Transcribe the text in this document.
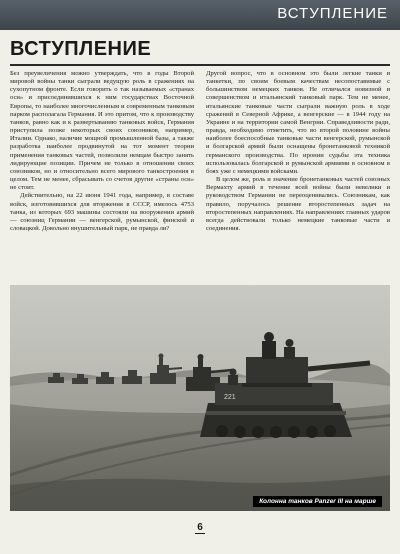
ВСТУПЛЕНИЕ
ВСТУПЛЕНИЕ

Без преувеличения можно утверждать, что в годы Второй мировой войны танки сыграли ведущую роль в сражениях на сухопутном фронте. Если говорить о так называемых «странах оси» и присоединившихся к ним государствах Восточной Европы, то наиболее многочисленным и современным танковым парком располагала Германия. И это притом, что к производству танков, равно как и к развертыванию танковых войск, Германия приступила позже некоторых своих союзников, например, Италии. Однако, наличие мощной промышленной базы, а также разработка наиболее продвинутой на тот момент теории применения танковых частей, позволили немцам быстро занять лидирующие позиции. Причем не только в отношении своих союзников, но и относительно всего мирового танкостроения в целом. Тем не менее, сбрасывать со счетов другие «страны оси» не стоит.

Действительно, на 22 июня 1941 года, например, в составе войск, изготовившихся для вторжения в СССР, имелось 4753 танка, из которых 693 машины состояли на вооружении армий — союзниц Германии — венгерской, румынской, финской и словацкой. Довольно внушительный парк, не правда ли?

Другой вопрос, что в основном это были легкие танки и танкетки, по своим боевым качествам несопоставимые с большинством немецких танков. Не отличался новизной и совершенством и итальянский танковый парк. Тем не менее, итальянские танковые части сыграли важную роль в ходе сражений в Северной Африке, а венгерские — в 1944 году на Украине и на территории самой Венгрии. Справедливости ради, правда, необходимо отметить, что во второй половине войны наиболее боеспособные танковые части венгерской, румынской и болгарской армий были оснащены бронетанковой техникой германского производства. По иронии судьбы эта техника использовалась болгарской и румынской армиями в основном в боях уже с немецкими войсками.

В целом же, роль и значение бронетанковых частей союзных Вермахту армий в течение всей войны были невелики и руководством Германии не переоценивались. Союзникам, как правило, поручалось решение второстепенных задач на второстепенных направлениях. На направлениях главных ударов всегда действовали только немецкие танковые части и соединения.

221
Колонна танков Panzer III на марше
6
